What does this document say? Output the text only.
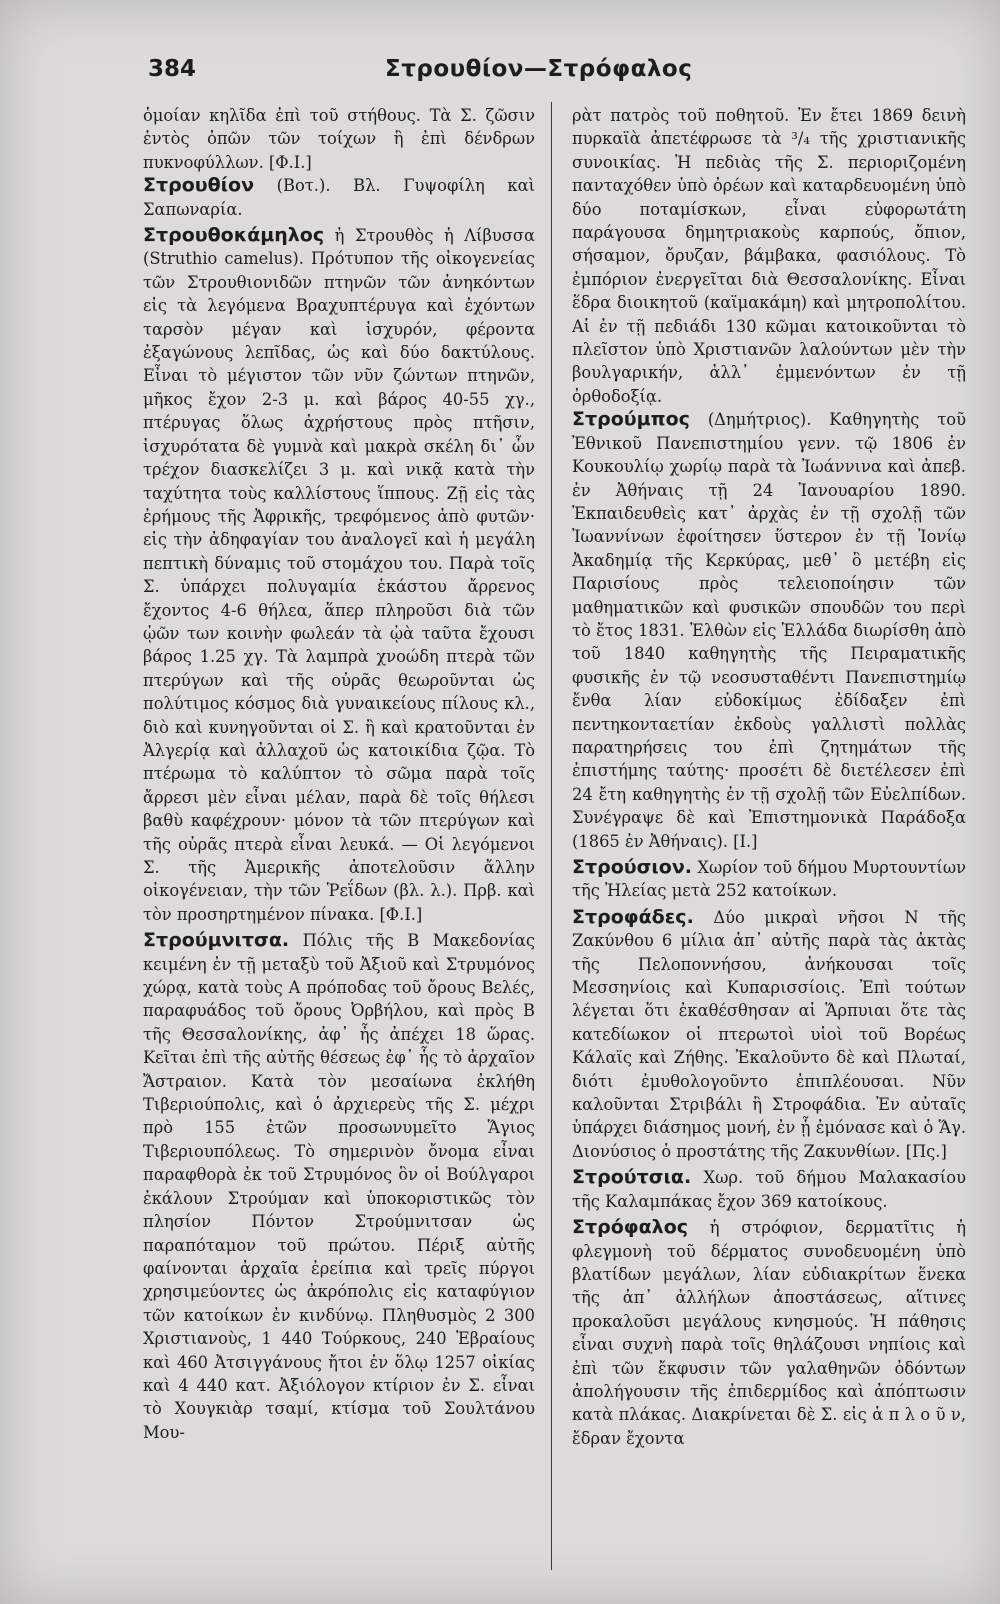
384	Στρουθίον—Στρόφαλος

ὁμοίαν κηλῖδα ἐπὶ τοῦ στήθους. Τὰ Σ. ζῶσιν ἐντὸς ὀπῶν τῶν τοίχων ἢ ἐπὶ δένδρων πυκνοφύλλων. [Φ.Ι.]

Στρουθίον (Βοτ.). Βλ. Γυψοφίλη καὶ Σαπωναρία.

Στρουθοκάμηλος ἡ Στρουθὸς ἡ Λίβυσσα (Struthio camelus). Πρότυπον τῆς οἰκογενείας τῶν Στρουθιονιδῶν πτηνῶν τῶν ἀνηκόντων εἰς τὰ λεγόμενα Βραχυπτέρυγα καὶ ἐχόντων ταρσὸν μέγαν καὶ ἰσχυρόν, φέροντα ἐξαγώνους λεπῖδας, ὡς καὶ δύο δακτύλους. Εἶναι τὸ μέγιστον τῶν νῦν ζώντων πτηνῶν, μῆκος ἔχον 2-3 μ. καὶ βάρος 40-55 χγ., πτέρυγας ὅλως ἀχρήστους πρὸς πτῆσιν, ἰσχυρότατα δὲ γυμνὰ καὶ μακρὰ σκέλη δι᾽ ὧν τρέχον διασκελίζει 3 μ. καὶ νικᾷ κατὰ τὴν ταχύτητα τοὺς καλλίστους ἵππους. Ζῇ εἰς τὰς ἐρήμους τῆς Ἀφρικῆς, τρεφόμενος ἀπὸ φυτῶν· εἰς τὴν ἀδηφαγίαν του ἀναλογεῖ καὶ ἡ μεγάλη πεπτικὴ δύναμις τοῦ στομάχου του. Παρὰ τοῖς Σ. ὑπάρχει πολυγαμία ἑκάστου ἄρρενος ἔχοντος 4-6 θήλεα, ἅπερ πληροῦσι διὰ τῶν ᾠῶν των κοινὴν φωλεάν τὰ ᾠὰ ταῦτα ἔχουσι βάρος 1.25 χγ. Τὰ λαμπρὰ χνοώδη πτερὰ τῶν πτερύγων καὶ τῆς οὐρᾶς θεωροῦνται ὡς πολύτιμος κόσμος διὰ γυναικείους πίλους κλ., διὸ καὶ κυνηγοῦνται οἱ Σ. ἢ καὶ κρατοῦνται ἐν Ἀλγερίᾳ καὶ ἀλλαχοῦ ὡς κατοικίδια ζῷα. Τὸ πτέρωμα τὸ καλύπτον τὸ σῶμα παρὰ τοῖς ἄρρεσι μὲν εἶναι μέλαν, παρὰ δὲ τοῖς θήλεσι βαθὺ καφέχρουν· μόνον τὰ τῶν πτερύγων καὶ τῆς οὐρᾶς πτερὰ εἶναι λευκά. — Οἱ λεγόμενοι Σ. τῆς Ἀμερικῆς ἀποτελοῦσιν ἄλλην οἰκογένειαν, τὴν τῶν Ῥεΐδων (βλ. λ.). Πρβ. καὶ τὸν προσηρτημένον πίνακα. [Φ.Ι.]

Στρούμνιτσα. Πόλις τῆς Β Μακεδονίας κειμένη ἐν τῇ μεταξὺ τοῦ Ἀξιοῦ καὶ Στρυμόνος χώρᾳ, κατὰ τοὺς Α πρόποδας τοῦ ὄρους Βελές, παραφυάδος τοῦ ὄρους Ὀρβήλου, καὶ πρὸς Β τῆς Θεσσαλονίκης, ἀφ᾽ ἧς ἀπέχει 18 ὥρας. Κεῖται ἐπὶ τῆς αὐτῆς θέσεως ἐφ᾽ ἧς τὸ ἀρχαῖον Ἄστραιον. Κατὰ τὸν μεσαίωνα ἐκλήθη Τιβεριούπολις, καὶ ὁ ἀρχιερεὺς τῆς Σ. μέχρι πρὸ 155 ἐτῶν προσωνυμεῖτο Ἅγιος Τιβεριουπόλεως. Τὸ σημερινὸν ὄνομα εἶναι παραφθορὰ ἐκ τοῦ Στρυμόνος ὃν οἱ Βούλγαροι ἐκάλουν Στρούμαν καὶ ὑποκοριστικῶς τὸν πλησίον Πόντον Στρούμνιτσαν ὡς παραπόταμον τοῦ πρώτου. Πέριξ αὐτῆς φαίνονται ἀρχαῖα ἐρείπια καὶ τρεῖς πύργοι χρησιμεύοντες ὡς ἀκρόπολις εἰς καταφύγιον τῶν κατοίκων ἐν κινδύνῳ. Πληθυσμὸς 2 300 Χριστιανοὺς, 1 440 Τούρκους, 240 Ἑβραίους καὶ 460 Ἀτσιγγάνους ἤτοι ἐν ὅλῳ 1257 οἰκίας καὶ 4 440 κατ. Ἀξιόλογον κτίριον ἐν Σ. εἶναι τὸ Χουγκιὰρ τσαμί, κτίσμα τοῦ Σουλτάνου Μου-

ρὰτ πατρὸς τοῦ ποθητοῦ. Ἐν ἔτει 1869 δεινὴ πυρκαϊὰ ἀπετέφρωσε τὰ ³/₄ τῆς χριστιανικῆς συνοικίας. Ἡ πεδιὰς τῆς Σ. περιοριζομένη πανταχόθεν ὑπὸ ὀρέων καὶ καταρδευομένη ὑπὸ δύο ποταμίσκων, εἶναι εὐφορωτάτη παράγουσα δημητριακοὺς καρπούς, ὄπιον, σήσαμον, ὄρυζαν, βάμβακα, φασιόλους. Τὸ ἐμπόριον ἐνεργεῖται διὰ Θεσσαλονίκης. Εἶναι ἕδρα διοικητοῦ (καϊμακάμη) καὶ μητροπολίτου. Αἱ ἐν τῇ πεδιάδι 130 κῶμαι κατοικοῦνται τὸ πλεῖστον ὑπὸ Χριστιανῶν λαλούντων μὲν τὴν βουλγαρικήν, ἀλλ᾽ ἐμμενόντων ἐν τῇ ὀρθοδοξίᾳ.

Στρούμπος (Δημήτριος). Καθηγητὴς τοῦ Ἐθνικοῦ Πανεπιστημίου γενν. τῷ 1806 ἐν Κουκουλίῳ χωρίῳ παρὰ τὰ Ἰωάννινα καὶ ἀπεβ. ἐν Ἀθήναις τῇ 24 Ἰανουαρίου 1890. Ἐκπαιδευθεὶς κατ᾽ ἀρχὰς ἐν τῇ σχολῇ τῶν Ἰωαννίνων ἐφοίτησεν ὕστερον ἐν τῇ Ἰονίῳ Ἀκαδημίᾳ τῆς Κερκύρας, μεθ᾽ ὃ μετέβη εἰς Παρισίους πρὸς τελειοποίησιν τῶν μαθηματικῶν καὶ φυσικῶν σπουδῶν του περὶ τὸ ἔτος 1831. Ἐλθὼν εἰς Ἑλλάδα διωρίσθη ἀπὸ τοῦ 1840 καθηγητὴς τῆς Πειραματικῆς φυσικῆς ἐν τῷ νεοσυσταθέντι Πανεπιστημίῳ ἔνθα λίαν εὐδοκίμως ἐδίδαξεν ἐπὶ πεντηκονταετίαν ἐκδοὺς γαλλιστὶ πολλὰς παρατηρήσεις του ἐπὶ ζητημάτων τῆς ἐπιστήμης ταύτης· προσέτι δὲ διετέλεσεν ἐπὶ 24 ἔτη καθηγητὴς ἐν τῇ σχολῇ τῶν Εὐελπίδων. Συνέγραψε δὲ καὶ Ἐπιστημονικὰ Παράδοξα (1865 ἐν Ἀθήναις). [Ι.]

Στρούσιον. Χωρίον τοῦ δήμου Μυρτουντίων τῆς Ἠλείας μετὰ 252 κατοίκων.

Στροφάδες. Δύο μικραὶ νῆσοι Ν τῆς Ζακύνθου 6 μίλια ἀπ᾽ αὐτῆς παρὰ τὰς ἀκτὰς τῆς Πελοποννήσου, ἀνήκουσαι τοῖς Μεσσηνίοις καὶ Κυπαρισσίοις. Ἐπὶ τούτων λέγεται ὅτι ἐκαθέσθησαν αἱ Ἅρπυιαι ὅτε τὰς κατεδίωκον οἱ πτερωτοὶ υἱοὶ τοῦ Βορέως Κάλαϊς καὶ Ζήθης. Ἐκαλοῦντο δὲ καὶ Πλωταί, διότι ἐμυθολογοῦντο ἐπιπλέουσαι. Νῦν καλοῦνται Στριβάλι ἢ Στροφάδια. Ἐν αὐταῖς ὑπάρχει διάσημος μονή, ἐν ᾗ ἐμόνασε καὶ ὁ Ἅγ. Διονύσιος ὁ προστάτης τῆς Ζακυνθίων. [Πς.]

Στρούτσια. Χωρ. τοῦ δήμου Μαλακασίου τῆς Καλαμπάκας ἔχον 369 κατοίκους.

Στρόφαλος ἡ στρόφιον, δερματῖτις ἡ φλεγμονὴ τοῦ δέρματος συνοδευομένη ὑπὸ βλατίδων μεγάλων, λίαν εὐδιακρίτων ἕνεκα τῆς ἀπ᾽ ἀλλήλων ἀποστάσεως, αἵτινες προκαλοῦσι μεγάλους κνησμούς. Ἡ πάθησις εἶναι συχνὴ παρὰ τοῖς θηλάζουσι νηπίοις καὶ ἐπὶ τῶν ἔκφυσιν τῶν γαλαθηνῶν ὀδόντων ἀπολήγουσιν τῆς ἐπιδερμίδος καὶ ἀπόπτωσιν κατὰ πλάκας. Διακρίνεται δὲ Σ. εἰς ἁ π λ ο ῦ ν, ἔδραν ἔχοντα
